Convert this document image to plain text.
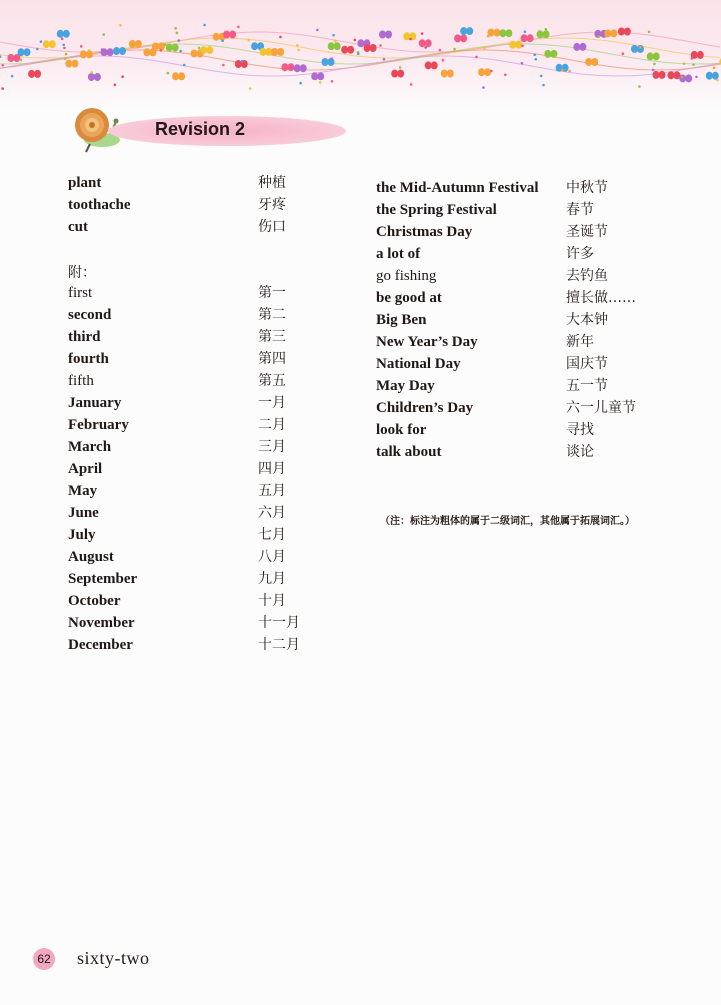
Revision 2
plant	种植
toothache	牙疼
cut	伤口
附：
first	第一
second	第二
third	第三
fourth	第四
fifth	第五
January	一月
February	二月
March	三月
April	四月
May	五月
June	六月
July	七月
August	八月
September	九月
October	十月
November	十一月
December	十二月
the Mid-Autumn Festival 中秋节
the Spring Festival	春节
Christmas Day	圣诞节
a lot of	许多
go fishing	去钓鱼
be good at	擅长做……
Big Ben	大本钟
New Year’s Day	新年
National Day	国庆节
May Day	五一节
Children’s Day	六一儿童节
look for	寻找
talk about	谈论
（注：标注为粗体的属于二级词汇，其他属于拓展词汇。）
62 sixty-two
